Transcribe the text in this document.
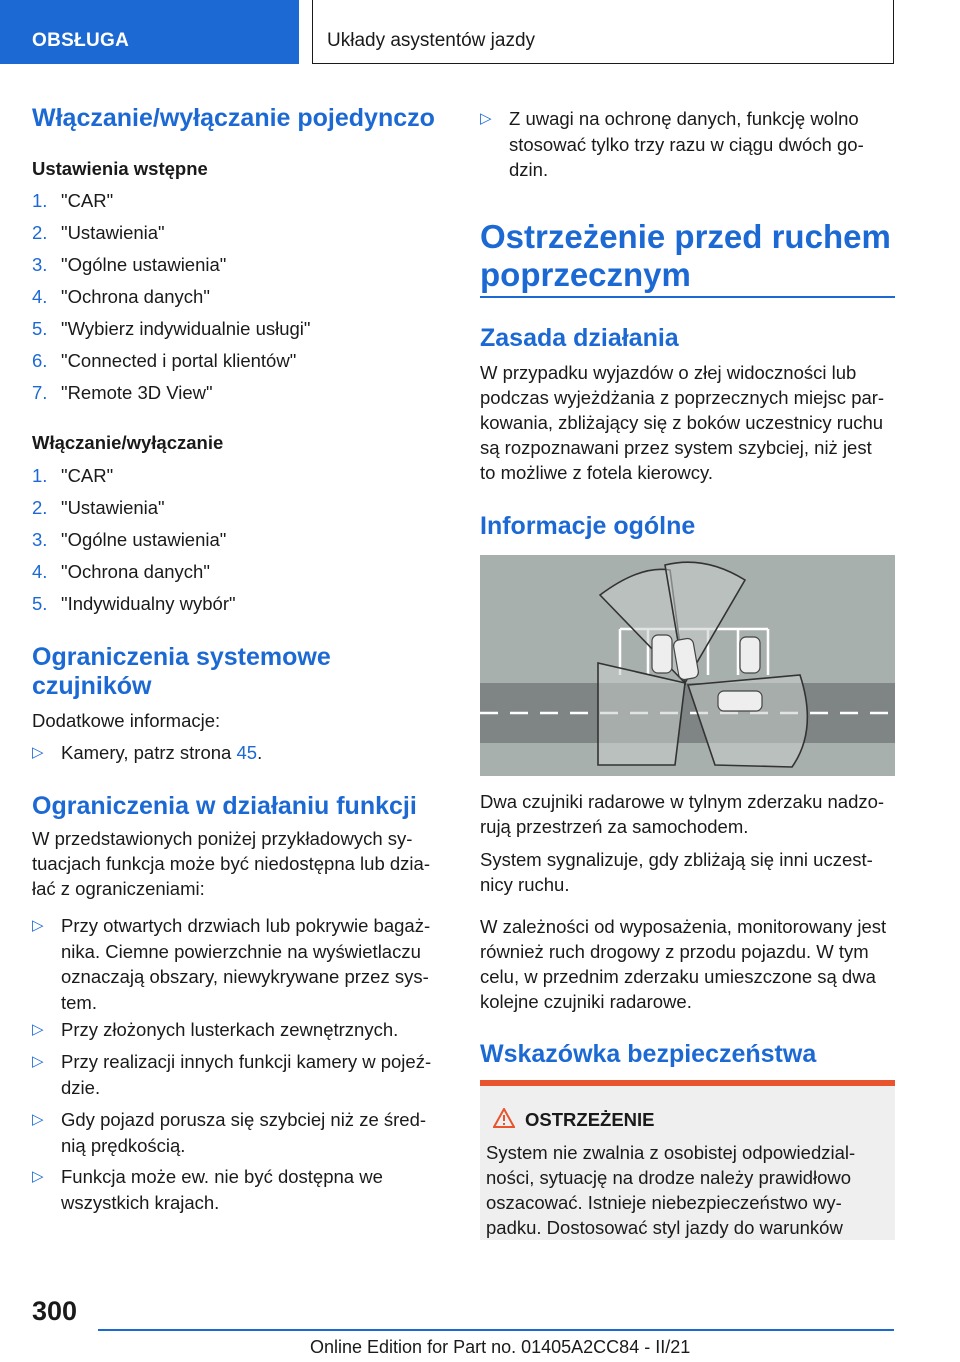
OBSŁUGA	Układy asystentów jazdy
Włączanie/wyłączanie pojedynczo
Ustawienia wstępne
1. "CAR"
2. "Ustawienia"
3. "Ogólne ustawienia"
4. "Ochrona danych"
5. "Wybierz indywidualnie usługi"
6. "Connected i portal klientów"
7. "Remote 3D View"
Włączanie/wyłączanie
1. "CAR"
2. "Ustawienia"
3. "Ogólne ustawienia"
4. "Ochrona danych"
5. "Indywidualny wybór"
Ograniczenia systemowe
czujników
Dodatkowe informacje:
▷ Kamery, patrz strona 45.
Ograniczenia w działaniu funkcji
W przedstawionych poniżej przykładowych sy-
tuacjach funkcja może być niedostępna lub dzia-
łać z ograniczeniami:
▷ Przy otwartych drzwiach lub pokrywie bagaż-
nika. Ciemne powierzchnie na wyświetlaczu
oznaczają obszary, niewykrywane przez sys-
tem.
▷ Przy złożonych lusterkach zewnętrznych.
▷ Przy realizacji innych funkcji kamery w pojeź-
dzie.
▷ Gdy pojazd porusza się szybciej niż ze śred-
nią prędkością.
▷ Funkcja może ew. nie być dostępna we
wszystkich krajach.
▷ Z uwagi na ochronę danych, funkcję wolno
stosować tylko trzy razu w ciągu dwóch go-
dzin.
Ostrzeżenie przed ruchem
poprzecznym
Zasada działania
W przypadku wyjazdów o złej widoczności lub
podczas wyjeżdżania z poprzecznych miejsc par-
kowania, zbliżający się z boków uczestnicy ruchu
są rozpoznawani przez system szybciej, niż jest
to możliwe z fotela kierowcy.
Informacje ogólne
Dwa czujniki radarowe w tylnym zderzaku nadzo-
rują przestrzeń za samochodem.
System sygnalizuje, gdy zbliżają się inni uczest-
nicy ruchu.
W zależności od wyposażenia, monitorowany jest
również ruch drogowy z przodu pojazdu. W tym
celu, w przednim zderzaku umieszczone są dwa
kolejne czujniki radarowe.
Wskazówka bezpieczeństwa
OSTRZEŻENIE
System nie zwalnia z osobistej odpowiedzial-
ności, sytuację na drodze należy prawidłowo
oszacować. Istnieje niebezpieczeństwo wy-
padku. Dostosować styl jazdy do warunków
300
Online Edition for Part no. 01405A2CC84 - II/21
